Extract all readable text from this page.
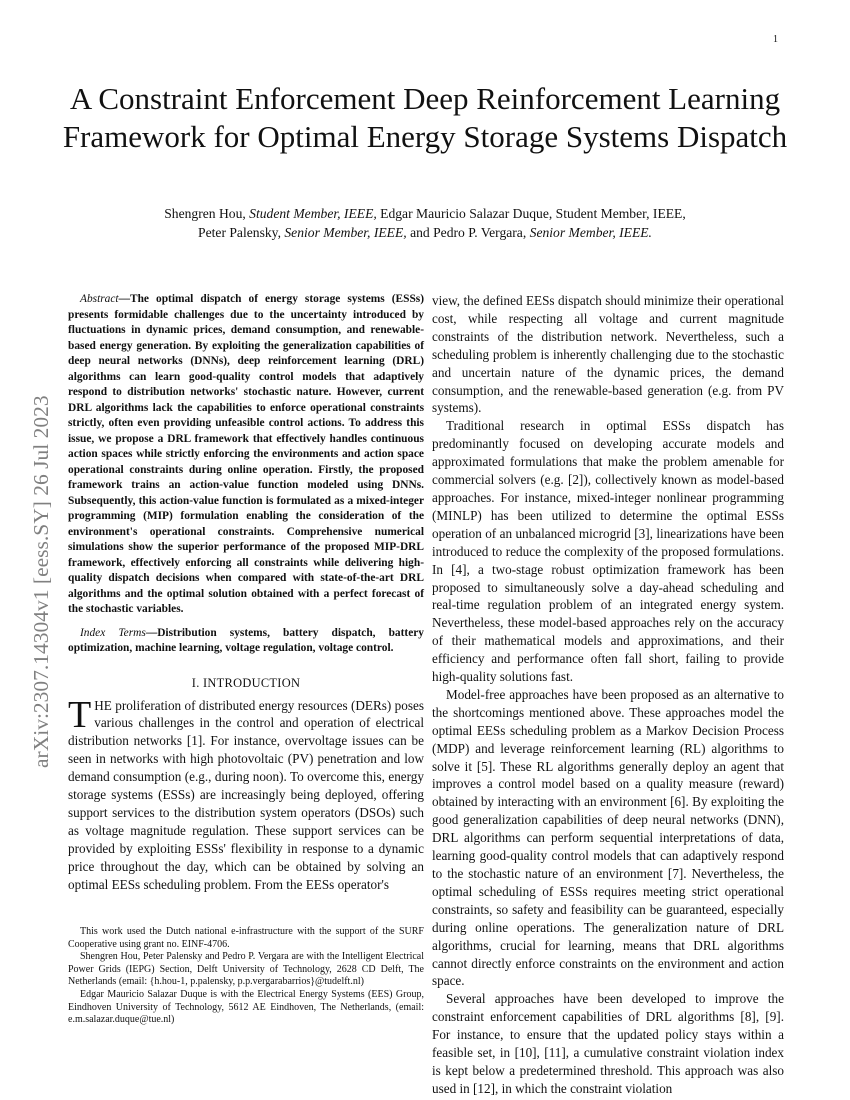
1
arXiv:2307.14304v1 [eess.SY] 26 Jul 2023
A Constraint Enforcement Deep Reinforcement Learning Framework for Optimal Energy Storage Systems Dispatch
Shengren Hou, Student Member, IEEE, Edgar Mauricio Salazar Duque, Student Member, IEEE,
Peter Palensky, Senior Member, IEEE, and Pedro P. Vergara, Senior Member, IEEE.

Abstract—The optimal dispatch of energy storage systems (ESSs) presents formidable challenges due to the uncertainty introduced by fluctuations in dynamic prices, demand consumption, and renewable-based energy generation. By exploiting the generalization capabilities of deep neural networks (DNNs), deep reinforcement learning (DRL) algorithms can learn good-quality control models that adaptively respond to distribution networks' stochastic nature. However, current DRL algorithms lack the capabilities to enforce operational constraints strictly, often even providing unfeasible control actions. To address this issue, we propose a DRL framework that effectively handles continuous action spaces while strictly enforcing the environments and action space operational constraints during online operation. Firstly, the proposed framework trains an action-value function modeled using DNNs. Subsequently, this action-value function is formulated as a mixed-integer programming (MIP) formulation enabling the consideration of the environment's operational constraints. Comprehensive numerical simulations show the superior performance of the proposed MIP-DRL framework, effectively enforcing all constraints while delivering high-quality dispatch decisions when compared with state-of-the-art DRL algorithms and the optimal solution obtained with a perfect forecast of the stochastic variables.

Index Terms—Distribution systems, battery dispatch, battery optimization, machine learning, voltage regulation, voltage control.

I. INTRODUCTION

THE proliferation of distributed energy resources (DERs) poses various challenges in the control and operation of electrical distribution networks [1]. For instance, overvoltage issues can be seen in networks with high photovoltaic (PV) penetration and low demand consumption (e.g., during noon). To overcome this, energy storage systems (ESSs) are increasingly being deployed, offering support services to the distribution system operators (DSOs) such as voltage magnitude regulation. These support services can be provided by exploiting ESSs' flexibility in response to a dynamic price throughout the day, which can be obtained by solving an optimal EESs scheduling problem. From the EESs operator's

This work used the Dutch national e-infrastructure with the support of the SURF Cooperative using grant no. EINF-4706.

Shengren Hou, Peter Palensky and Pedro P. Vergara are with the Intelligent Electrical Power Grids (IEPG) Section, Delft University of Technology, 2628 CD Delft, The Netherlands (email: {h.hou-1, p.palensky, p.p.vergarabarrios}@tudelft.nl)

Edgar Mauricio Salazar Duque is with the Electrical Energy Systems (EES) Group, Eindhoven University of Technology, 5612 AE Eindhoven, The Netherlands, (email: e.m.salazar.duque@tue.nl)

view, the defined EESs dispatch should minimize their operational cost, while respecting all voltage and current magnitude constraints of the distribution network. Nevertheless, such a scheduling problem is inherently challenging due to the stochastic and uncertain nature of the dynamic prices, the demand consumption, and the renewable-based generation (e.g. from PV systems).

Traditional research in optimal ESSs dispatch has predominantly focused on developing accurate models and approximated formulations that make the problem amenable for commercial solvers (e.g. [2]), collectively known as model-based approaches. For instance, mixed-integer nonlinear programming (MINLP) has been utilized to determine the optimal ESSs operation of an unbalanced microgrid [3], linearizations have been introduced to reduce the complexity of the proposed formulations. In [4], a two-stage robust optimization framework has been proposed to simultaneously solve a day-ahead scheduling and real-time regulation problem of an integrated energy system. Nevertheless, these model-based approaches rely on the accuracy of their mathematical models and approximations, and their efficiency and performance often fall short, failing to provide high-quality solutions fast.

Model-free approaches have been proposed as an alternative to the shortcomings mentioned above. These approaches model the optimal EESs scheduling problem as a Markov Decision Process (MDP) and leverage reinforcement learning (RL) algorithms to solve it [5]. These RL algorithms generally deploy an agent that improves a control model based on a quality measure (reward) obtained by interacting with an environment [6]. By exploiting the good generalization capabilities of deep neural networks (DNN), DRL algorithms can perform sequential interpretations of data, learning good-quality control models that can adaptively respond to the stochastic nature of an environment [7]. Nevertheless, the optimal scheduling of ESSs requires meeting strict operational constraints, so safety and feasibility can be guaranteed, especially during online operations. The generalization nature of DRL algorithms, crucial for learning, means that DRL algorithms cannot directly enforce constraints on the environment and action space.

Several approaches have been developed to improve the constraint enforcement capabilities of DRL algorithms [8], [9]. For instance, to ensure that the updated policy stays within a feasible set, in [10], [11], a cumulative constraint violation index is kept below a predetermined threshold. This approach was also used in [12], in which the constraint violation
